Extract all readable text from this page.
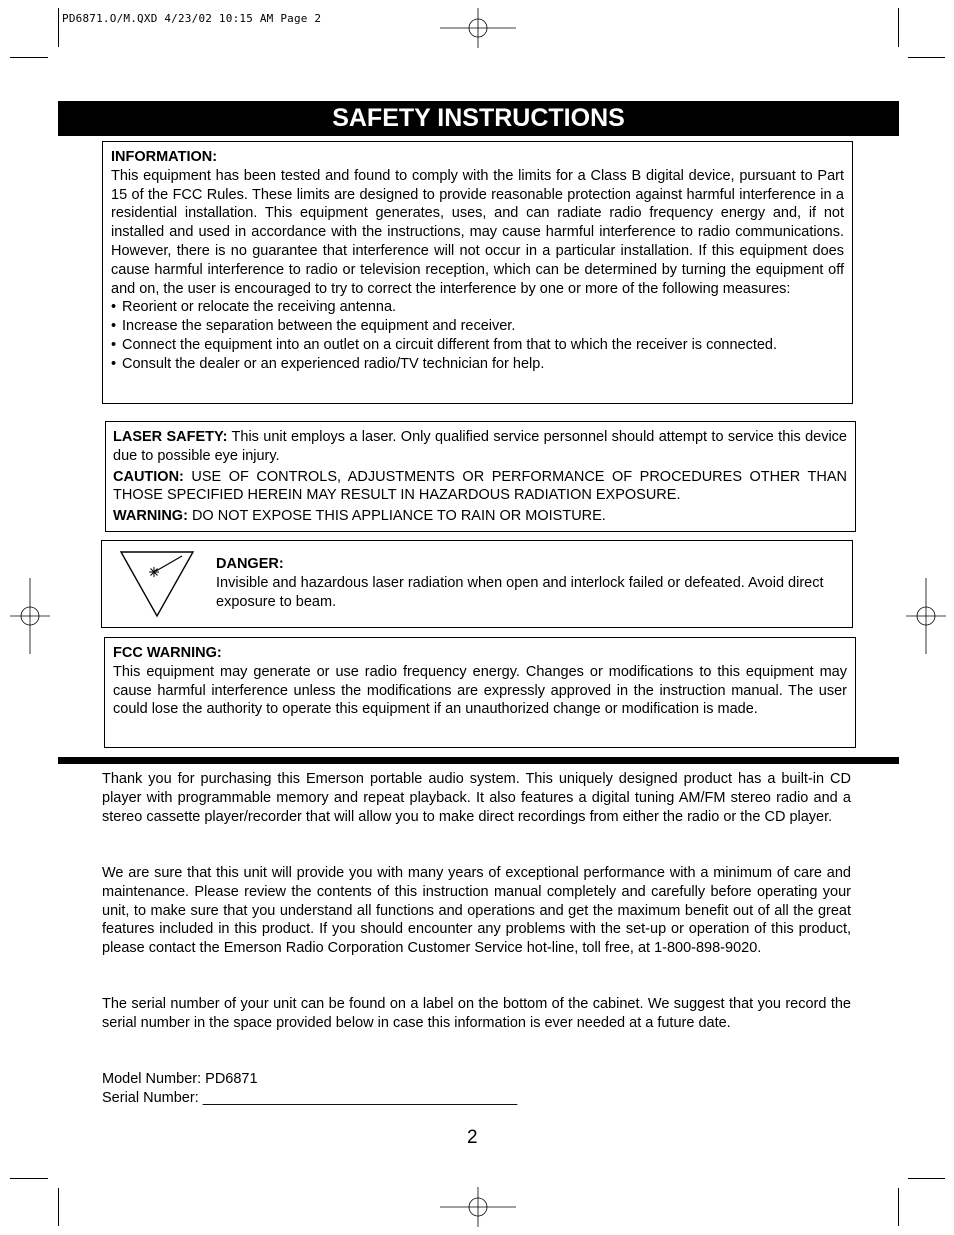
PD6871.O/M.QXD 4/23/02 10:15 AM Page 2
SAFETY INSTRUCTIONS

INFORMATION:

This equipment has been tested and found to comply with the limits for a Class B digital device, pursuant to Part 15 of the FCC Rules. These limits are designed to provide reasonable protection against harmful interference in a residential installation. This equipment generates, uses, and can radiate radio frequency energy and, if not installed and used in accordance with the instructions, may cause harmful interference to radio communications. However, there is no guarantee that interference will not occur in a particular installation. If this equipment does cause harmful interference to radio or television reception, which can be determined by turning the equipment off and on, the user is encouraged to try to correct the interference by one or more of the following measures:

• Reorient or relocate the receiving antenna.
• Increase the separation between the equipment and receiver.
• Connect the equipment into an outlet on a circuit different from that to which the receiver is connected.
• Consult the dealer or an experienced radio/TV technician for help.

LASER SAFETY: This unit employs a laser. Only qualified service personnel should attempt to service this device due to possible eye injury.

CAUTION: USE OF CONTROLS, ADJUSTMENTS OR PERFORMANCE OF PROCEDURES OTHER THAN THOSE SPECIFIED HEREIN MAY RESULT IN HAZARDOUS RADIATION EXPOSURE.

WARNING: DO NOT EXPOSE THIS APPLIANCE TO RAIN OR MOISTURE.

DANGER:

Invisible and hazardous laser radiation when open and interlock failed or defeated. Avoid direct exposure to beam.

FCC WARNING:

This equipment may generate or use radio frequency energy. Changes or modifications to this equipment may cause harmful interference unless the modifications are expressly approved in the instruction manual. The user could lose the authority to operate this equipment if an unauthorized change or modification is made.

Thank you for purchasing this Emerson portable audio system. This uniquely designed product has a built-in CD player with programmable memory and repeat playback. It also features a digital tuning AM/FM stereo radio and a stereo cassette player/recorder that will allow you to make direct recordings from either the radio or the CD player.
We are sure that this unit will provide you with many years of exceptional performance with a minimum of care and maintenance. Please review the contents of this instruction manual completely and carefully before operating your unit, to make sure that you understand all functions and operations and get the maximum benefit out of all the great features included in this product. If you should encounter any problems with the set-up or operation of this product, please contact the Emerson Radio Corporation Customer Service hot-line, toll free, at 1-800-898-9020.
The serial number of your unit can be found on a label on the bottom of the cabinet. We suggest that you record the serial number in the space provided below in case this information is ever needed at a future date.
Model Number: PD6871
Serial Number: _______________________________________
2
